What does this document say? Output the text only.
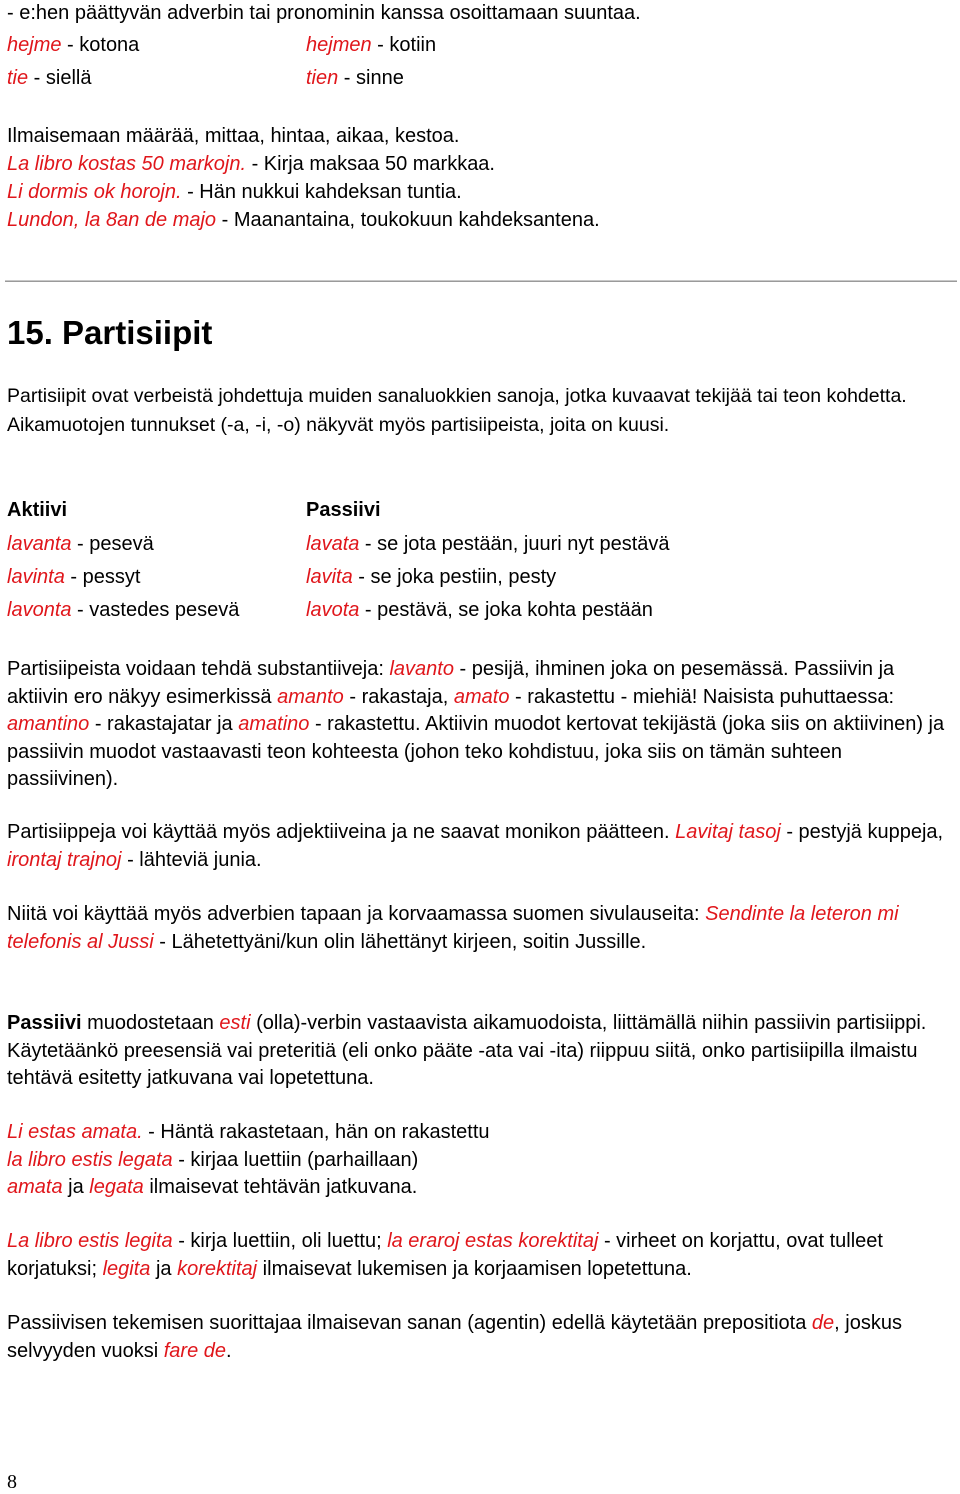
- e:hen päättyvän adverbin tai pronominin kanssa osoittamaan suuntaa.
hejme - kotona	hejmen - kotiin
tie - siellä	tien - sinne
Ilmaisemaan määrää, mittaa, hintaa, aikaa, kestoa.
La libro kostas 50 markojn. - Kirja maksaa 50 markkaa.
Li dormis ok horojn. - Hän nukkui kahdeksan tuntia.
Lundon, la 8an de majo - Maanantaina, toukokuun kahdeksantena.
15. Partisiipit
Partisiipit ovat verbeistä johdettuja muiden sanaluokkien sanoja, jotka kuvaavat tekijää tai teon kohdetta. Aikamuotojen tunnukset (-a, -i, -o) näkyvät myös partisiipeista, joita on kuusi.
Aktiivi	Passiivi
lavanta - pesevä	lavata - se jota pestään, juuri nyt pestävä
lavinta - pessyt	lavita - se joka pestiin, pesty
lavonta - vastedes pesevä	lavota - pestävä, se joka kohta pestään
Partisiipeista voidaan tehdä substantiiveja: lavanto - pesijä, ihminen joka on pesemässä. Passiivin ja aktiivin ero näkyy esimerkissä amanto - rakastaja, amato - rakastettu - miehiä! Naisista puhuttaessa: amantino - rakastajatar ja amatino - rakastettu. Aktiivin muodot kertovat tekijästä (joka siis on aktiivinen) ja passiivin muodot vastaavasti teon kohteesta (johon teko kohdistuu, joka siis on tämän suhteen passiivinen).
Partisiippeja voi käyttää myös adjektiiveina ja ne saavat monikon päätteen. Lavitaj tasoj - pestyjä kuppeja, irontaj trajnoj - lähteviä junia.
Niitä voi käyttää myös adverbien tapaan ja korvaamassa suomen sivulauseita: Sendinte la leteron mi telefonis al Jussi - Lähetettyäni/kun olin lähettänyt kirjeen, soitin Jussille.
Passiivi muodostetaan esti (olla)-verbin vastaavista aikamuodoista, liittämällä niihin passiivin partisiippi. Käytetäänkö preesensiä vai preteritiä (eli onko pääte -ata vai -ita) riippuu siitä, onko partisiipilla ilmaistu tehtävä esitetty jatkuvana vai lopetettuna.
Li estas amata. - Häntä rakastetaan, hän on rakastettu
la libro estis legata - kirjaa luettiin (parhaillaan)
amata ja legata ilmaisevat tehtävän jatkuvana.
La libro estis legita - kirja luettiin, oli luettu; la eraroj estas korektitaj - virheet on korjattu, ovat tulleet korjatuksi; legita ja korektitaj ilmaisevat lukemisen ja korjaamisen lopetettuna.
Passiivisen tekemisen suorittajaa ilmaisevan sanan (agentin) edellä käytetään prepositiota de, joskus selvyyden vuoksi fare de.
8
